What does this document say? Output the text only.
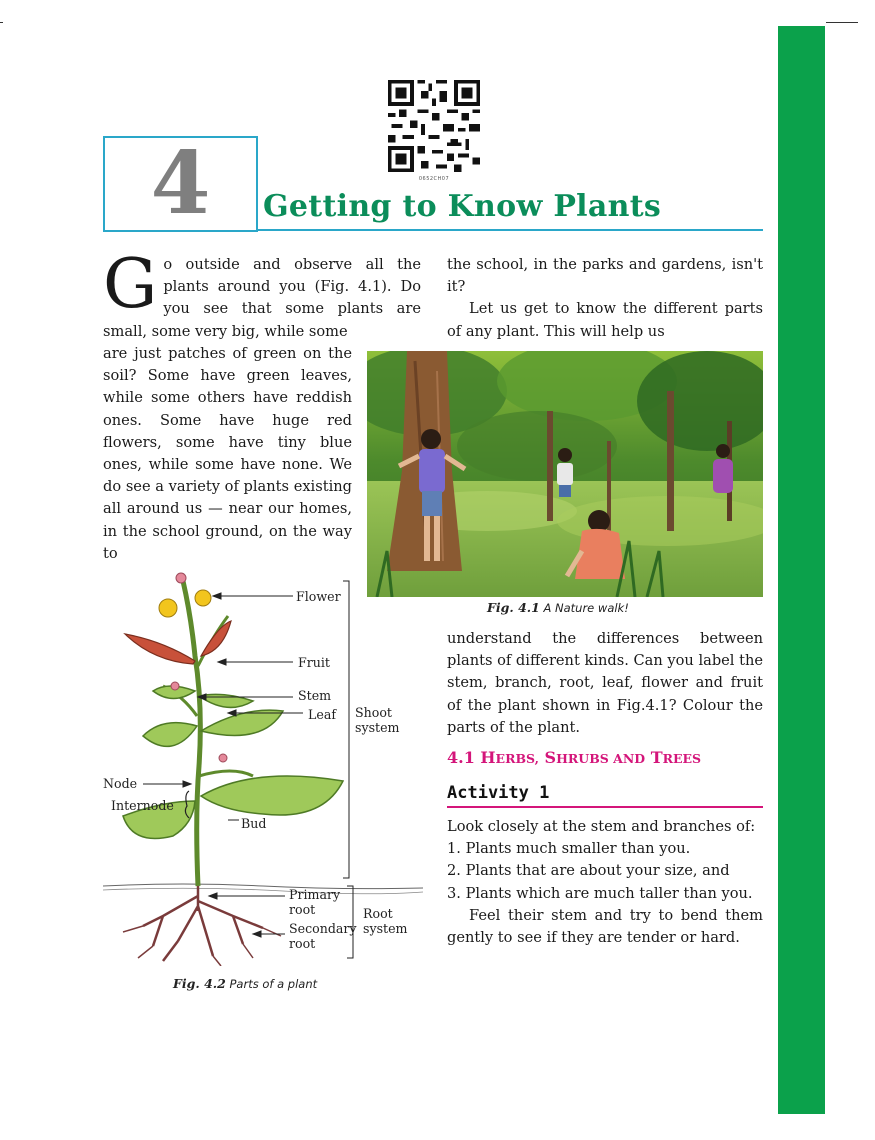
0652CH07
4	Getting to Know Plants
G o outside and observe all the plants around you (Fig. 4.1). Do you see that some plants are small, some very big, while some
are just patches of green on the soil? Some have green leaves, while some others have reddish ones. Some have huge red flowers, some have tiny blue ones, while some have none. We do see a variety of plants existing all around us — near our homes, in the school ground, on the way to

the school, in the parks and gardens, isn't it?

Let us get to know the different parts of any plant. This will help us

Fig. 4.1 A Nature walk!

understand the differences between plants of different kinds. Can you label the stem, branch, root, leaf, flower and fruit of the plant shown in Fig.4.1? Colour the parts of the plant.

Flower
Fruit
Stem
Leaf Shoot
system
Node
Internode
Bud
Primary
root
Secondary
root
Root
system
Fig. 4.2 Parts of a plant
4.1 HERBS, SHRUBS AND TREES
Activity 1

Look closely at the stem and branches of:

1. Plants much smaller than you.

2. Plants that are about your size, and

3. Plants which are much taller than you.

Feel their stem and try to bend them gently to see if they are tender or hard.
